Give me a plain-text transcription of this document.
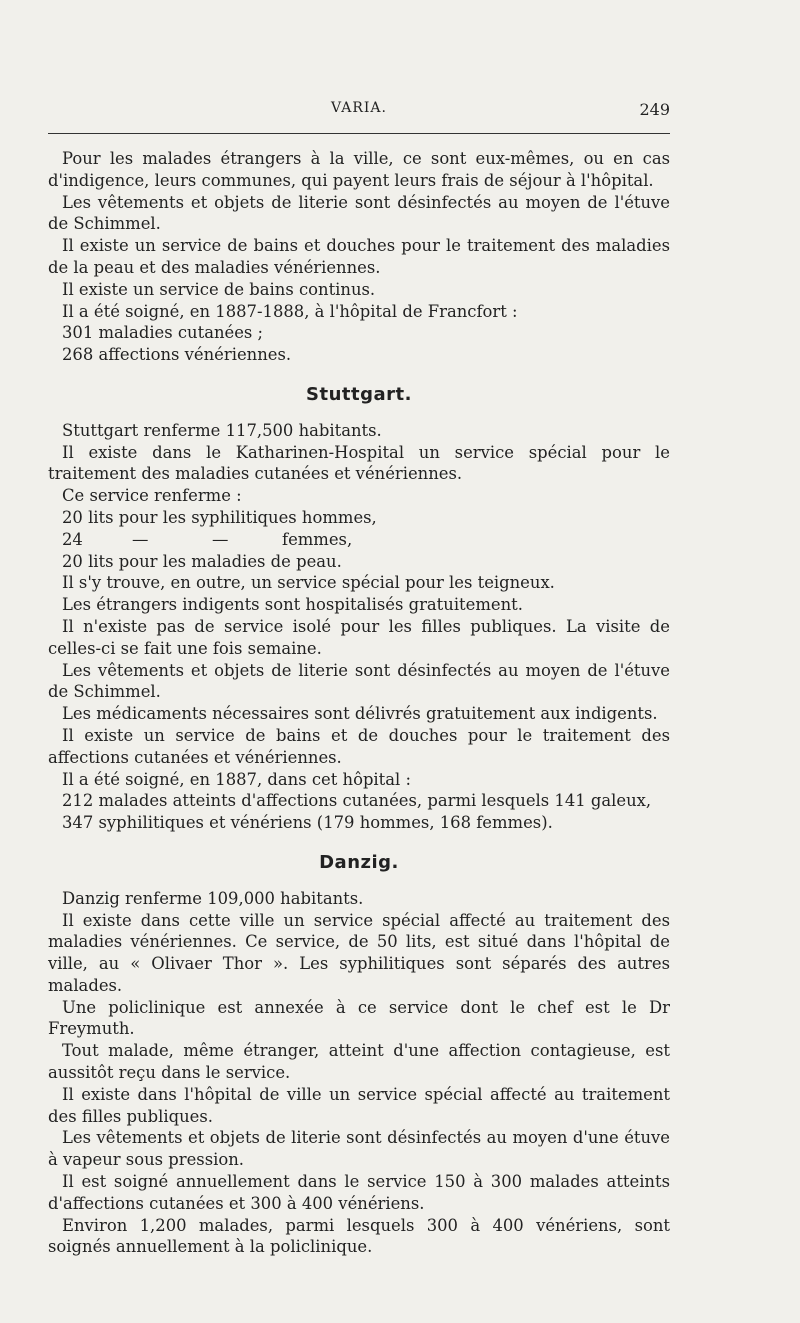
VARIA.	249

Pour les malades étrangers à la ville, ce sont eux-mêmes, ou en cas d'indigence, leurs communes, qui payent leurs frais de séjour à l'hôpital.

Les vêtements et objets de literie sont désinfectés au moyen de l'étuve de Schimmel.

Il existe un service de bains et douches pour le traitement des maladies de la peau et des maladies vénériennes.

Il existe un service de bains continus.

Il a été soigné, en 1887-1888, à l'hôpital de Francfort :

301 maladies cutanées ;

268 affections vénériennes.

Stuttgart.

Stuttgart renferme 117,500 habitants.

Il existe dans le Katharinen-Hospital un service spécial pour le traitement des maladies cutanées et vénériennes.

Ce service renferme :

20 lits pour les syphilitiques hommes,

24	—	—	femmes,

20 lits pour les maladies de peau.

Il s'y trouve, en outre, un service spécial pour les teigneux.

Les étrangers indigents sont hospitalisés gratuitement.

Il n'existe pas de service isolé pour les filles publiques. La visite de celles-ci se fait une fois semaine.

Les vêtements et objets de literie sont désinfectés au moyen de l'étuve de Schimmel.

Les médicaments nécessaires sont délivrés gratuitement aux indigents.

Il existe un service de bains et de douches pour le traitement des affections cutanées et vénériennes.

Il a été soigné, en 1887, dans cet hôpital :

212 malades atteints d'affections cutanées, parmi lesquels 141 galeux,

347 syphilitiques et vénériens (179 hommes, 168 femmes).

Danzig.

Danzig renferme 109,000 habitants.

Il existe dans cette ville un service spécial affecté au traitement des maladies vénériennes. Ce service, de 50 lits, est situé dans l'hôpital de ville, au « Olivaer Thor ». Les syphilitiques sont séparés des autres malades.

Une policlinique est annexée à ce service dont le chef est le Dr Freymuth.

Tout malade, même étranger, atteint d'une affection contagieuse, est aussitôt reçu dans le service.

Il existe dans l'hôpital de ville un service spécial affecté au traitement des filles publiques.

Les vêtements et objets de literie sont désinfectés au moyen d'une étuve à vapeur sous pression.

Il est soigné annuellement dans le service 150 à 300 malades atteints d'affections cutanées et 300 à 400 vénériens.

Environ 1,200 malades, parmi lesquels 300 à 400 vénériens, sont soignés annuellement à la policlinique.
